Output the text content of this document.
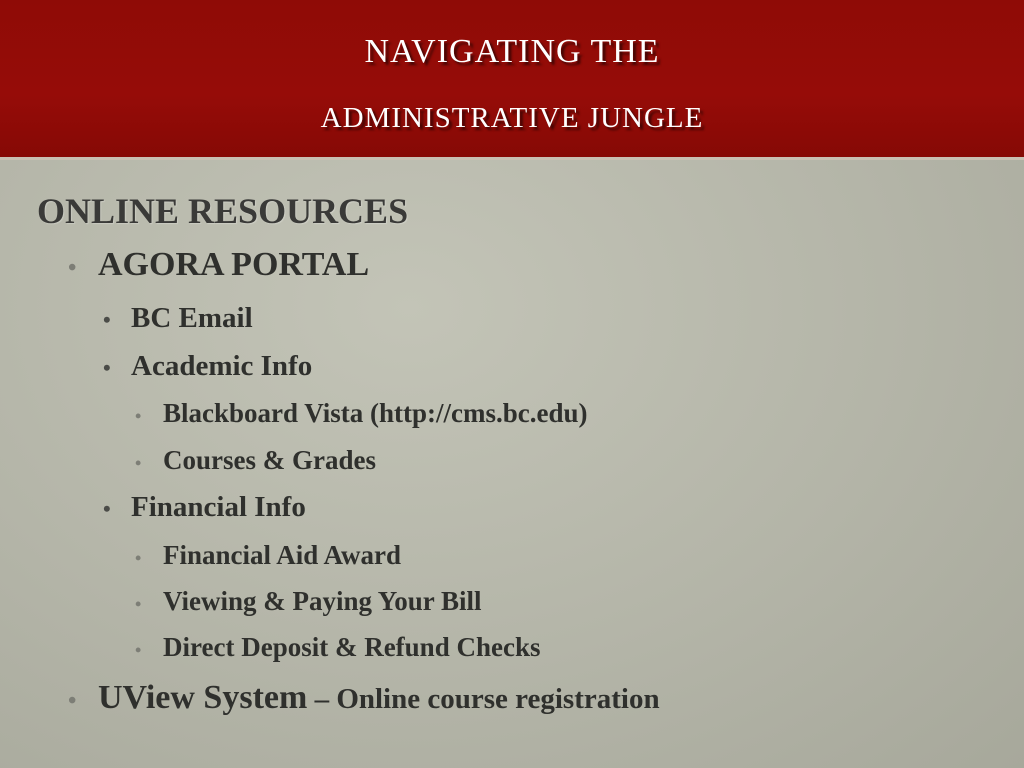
NAVIGATING THE
ADMINISTRATIVE JUNGLE
ONLINE RESOURCES
• AGORA PORTAL
• BC Email
• Academic Info
• Blackboard Vista (http://cms.bc.edu)
• Courses & Grades
• Financial Info
• Financial Aid Award
• Viewing & Paying Your Bill
• Direct Deposit & Refund Checks
• UView System – Online course registration
